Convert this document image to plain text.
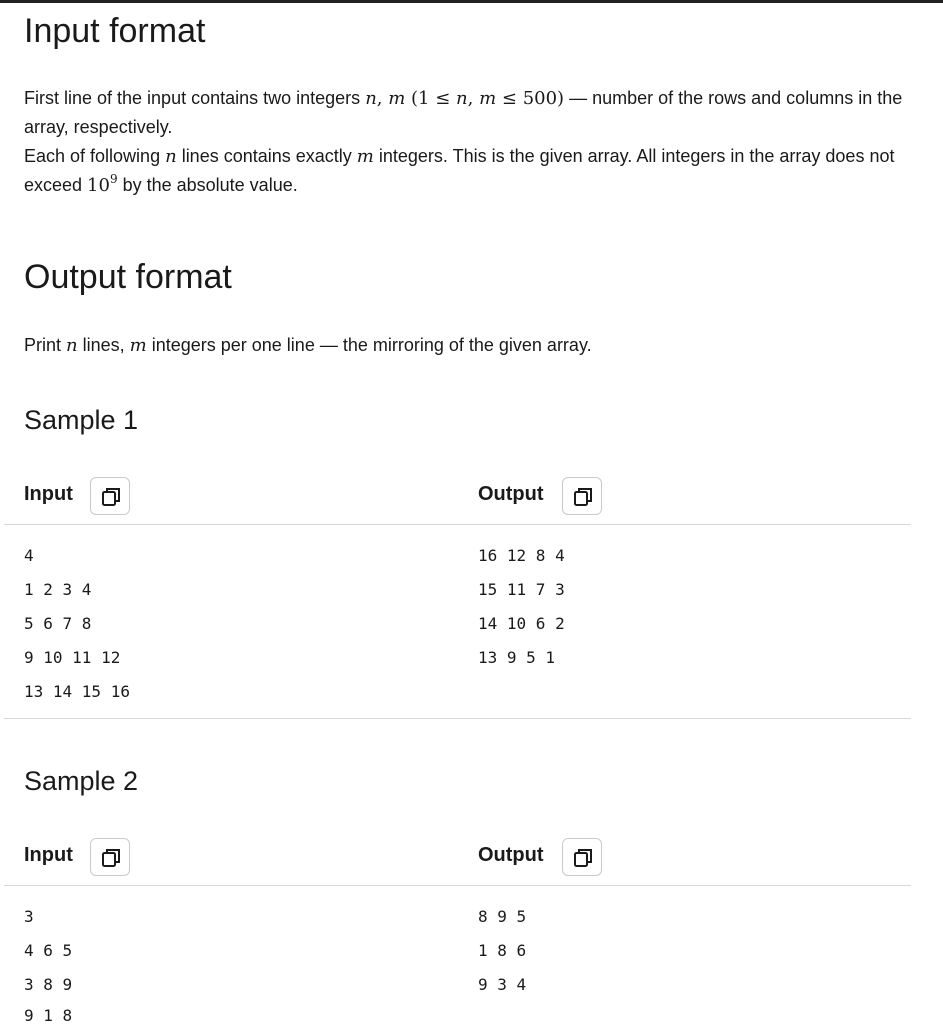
Input format
First line of the input contains two integers n, m (1 ≤ n, m ≤ 500) — number of the rows and columns in the array, respectively.
Each of following n lines contains exactly m integers. This is the given array. All integers in the array does not exceed $10^9$ by the absolute value.
Output format
Print n lines, m integers per one line — the mirroring of the given array.
Sample 1
Input	Output
4
1 2 3 4
5 6 7 8
9 10 11 12
13 14 15 16
16 12 8 4
15 11 7 3
14 10 6 2
13 9 5 1
Sample 2
Input	Output
3
4 6 5
3 8 9
9 1 8
8 9 5
1 8 6
9 3 4
